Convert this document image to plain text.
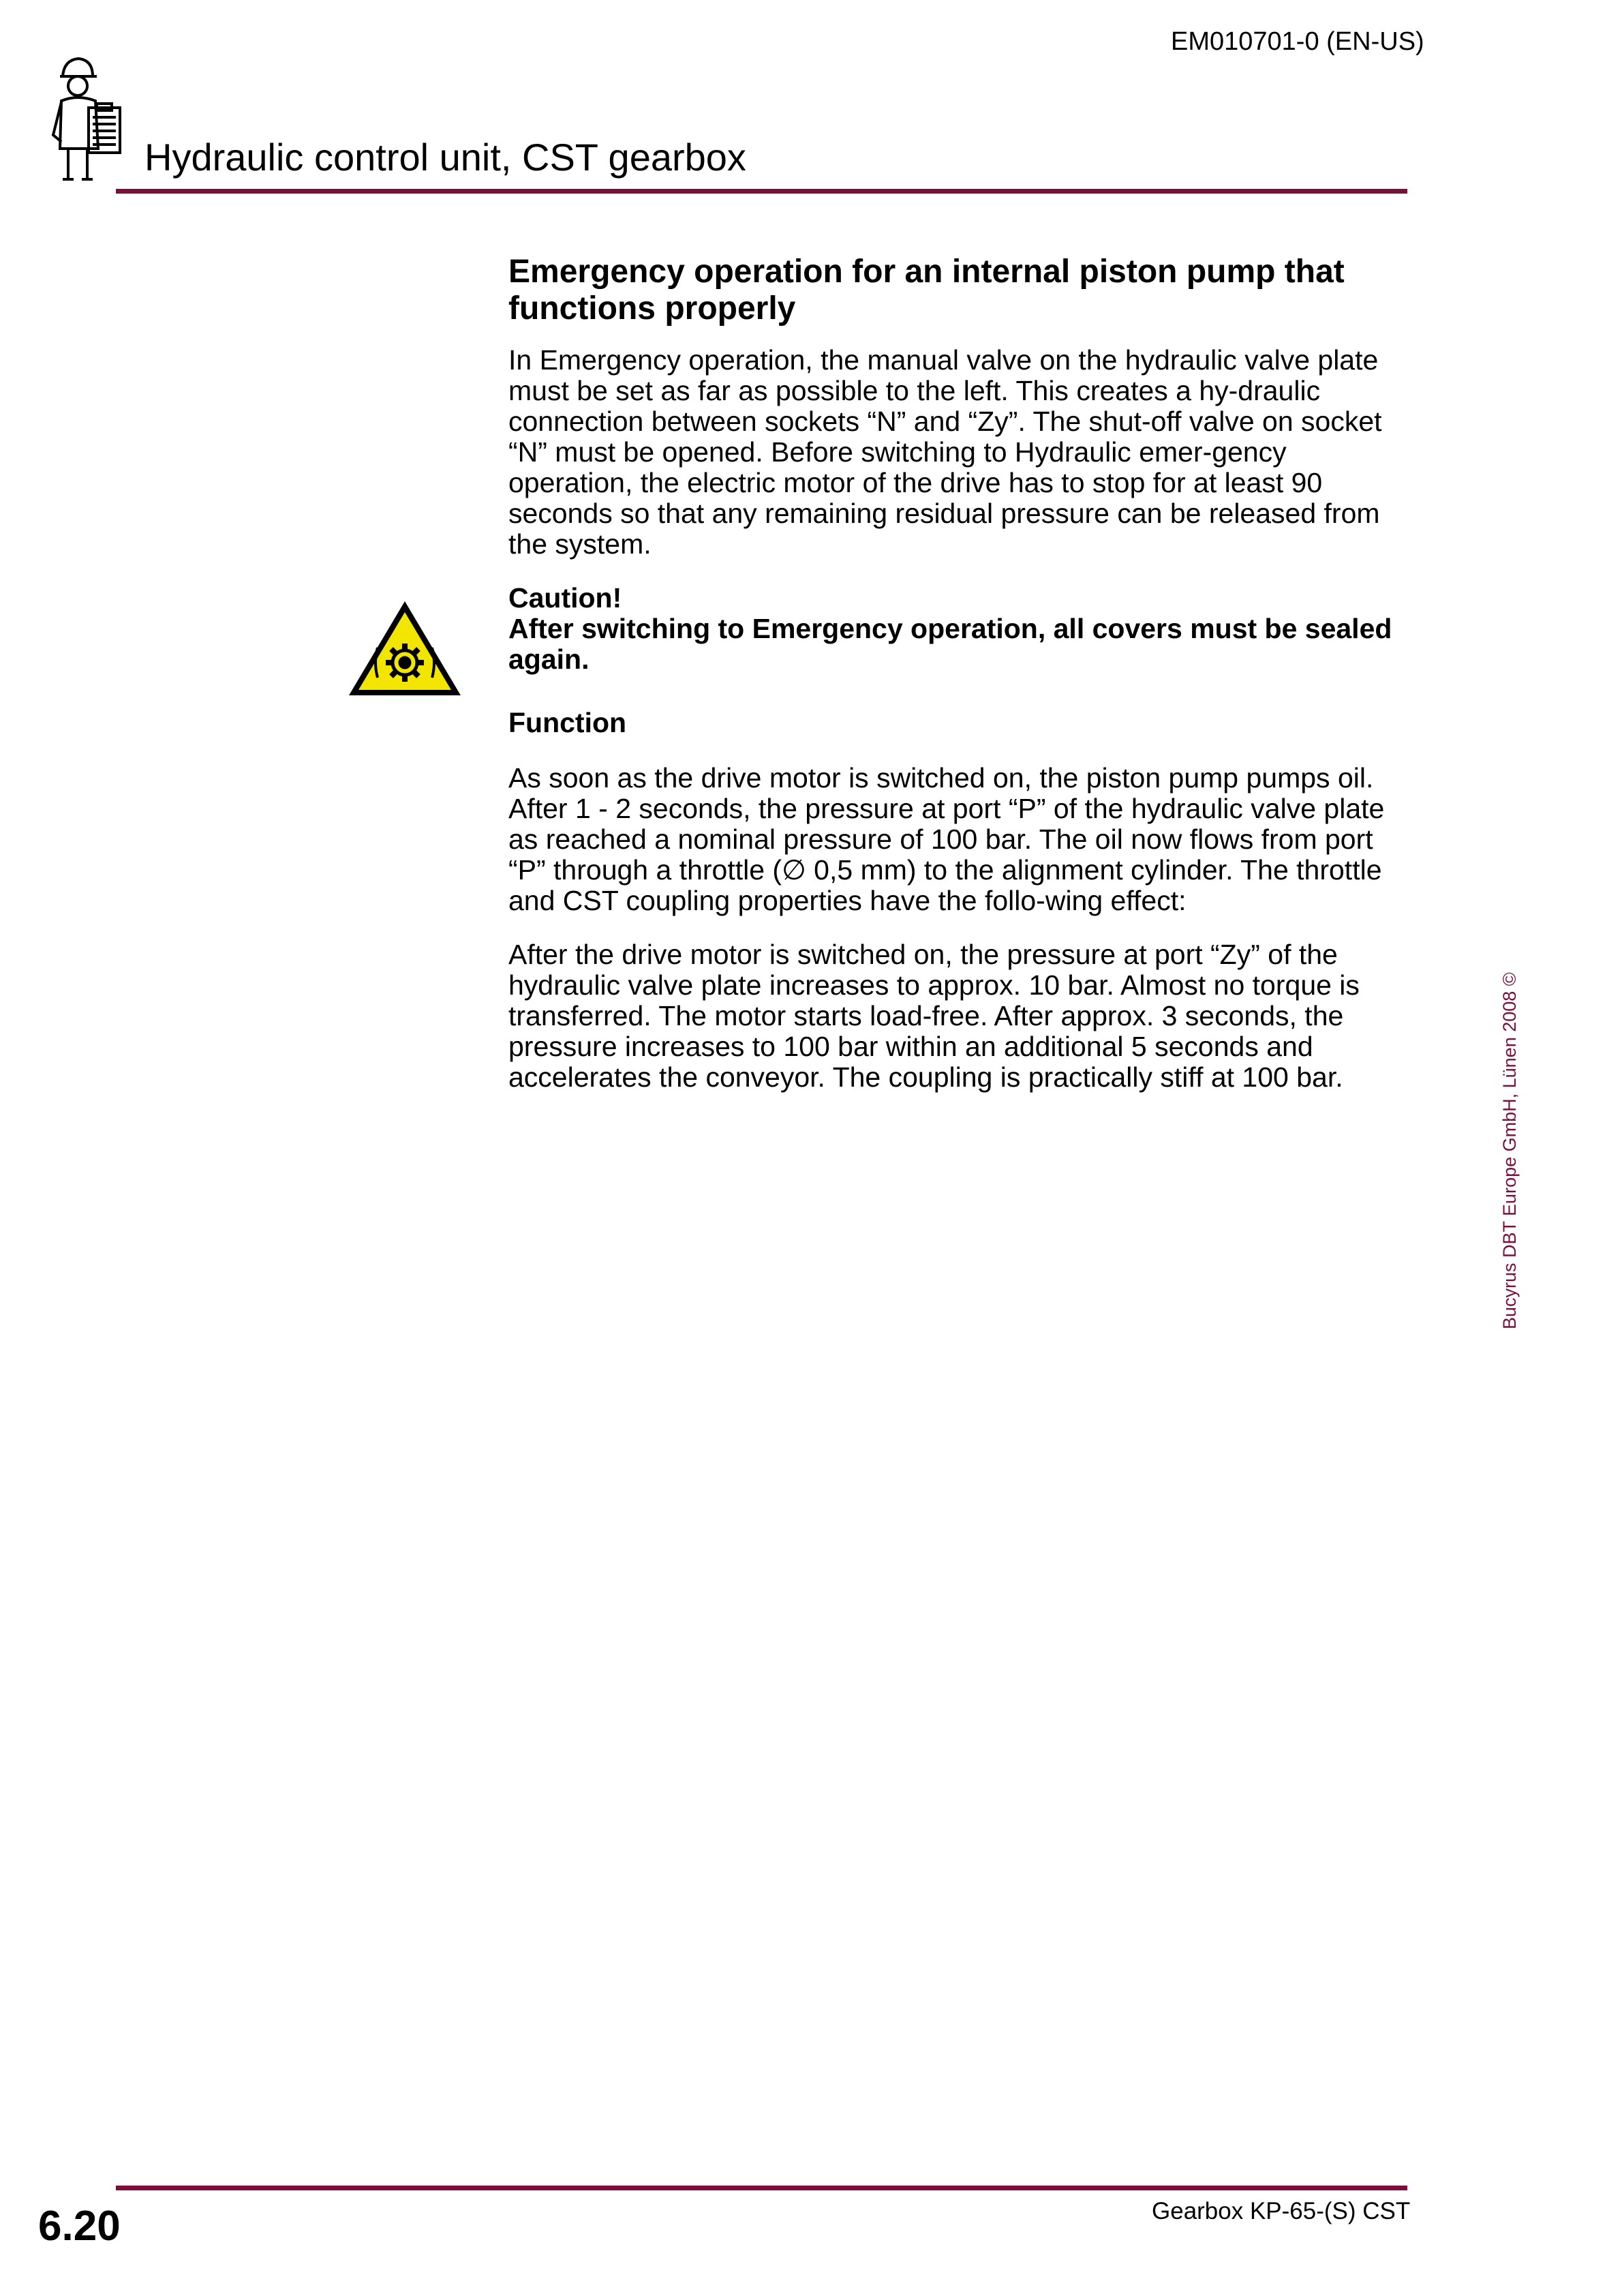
EM010701-0 (EN-US)
Hydraulic control unit, CST gearbox
Emergency operation for an internal piston pump that functions properly

In Emergency operation, the manual valve on the hydraulic valve plate must be set as far as possible to the left. This creates a hy-draulic connection between sockets “N” and “Zy”. The shut-off valve on socket “N” must be opened. Before switching to Hydraulic emer-gency operation, the electric motor of the drive has to stop for at least 90 seconds so that any remaining residual pressure can be released from the system.

Caution!
After switching to Emergency operation, all covers must be sealed again.
Function

As soon as the drive motor is switched on, the piston pump pumps oil. After 1 - 2 seconds, the pressure at port “P” of the hydraulic valve plate as reached a nominal pressure of 100 bar. The oil now flows from port “P” through a throttle (∅ 0,5 mm) to the alignment cylinder. The throttle and CST coupling properties have the follo-wing effect:

After the drive motor is switched on, the pressure at port “Zy” of the hydraulic valve plate increases to approx. 10 bar. Almost no torque is transferred. The motor starts load-free. After approx. 3 seconds, the pressure increases to 100 bar within an additional 5 seconds and accelerates the conveyor. The coupling is practically stiff at 100 bar.	Bucyrus DBT Europe GmbH, Lünen 2008 ©
6.20	Gearbox KP-65-(S) CST
